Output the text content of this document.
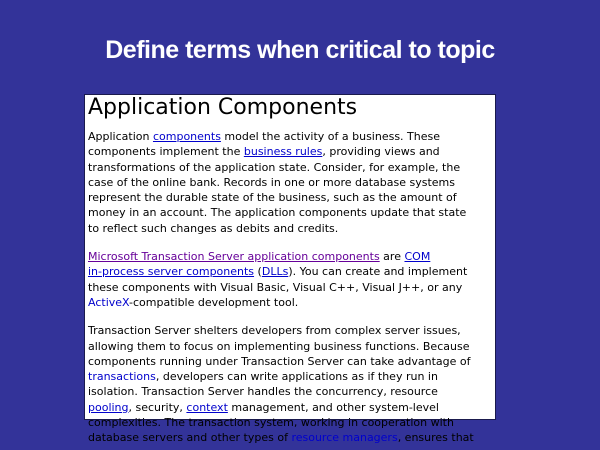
Define terms when critical to topic
Application Components
Application components model the activity of a business. These
components implement the business rules, providing views and
transformations of the application state. Consider, for example, the
case of the online bank. Records in one or more database systems
represent the durable state of the business, such as the amount of
money in an account. The application components update that state
to reflect such changes as debits and credits.
Microsoft Transaction Server application components are COM
in-process server components (DLLs). You can create and implement
these components with Visual Basic, Visual C++, Visual J++, or any
ActiveX-compatible development tool.
Transaction Server shelters developers from complex server issues,
allowing them to focus on implementing business functions. Because
components running under Transaction Server can take advantage of
transactions, developers can write applications as if they run in
isolation. Transaction Server handles the concurrency, resource
pooling, security, context management, and other system-level
complexities. The transaction system, working in cooperation with
database servers and other types of resource managers, ensures that
